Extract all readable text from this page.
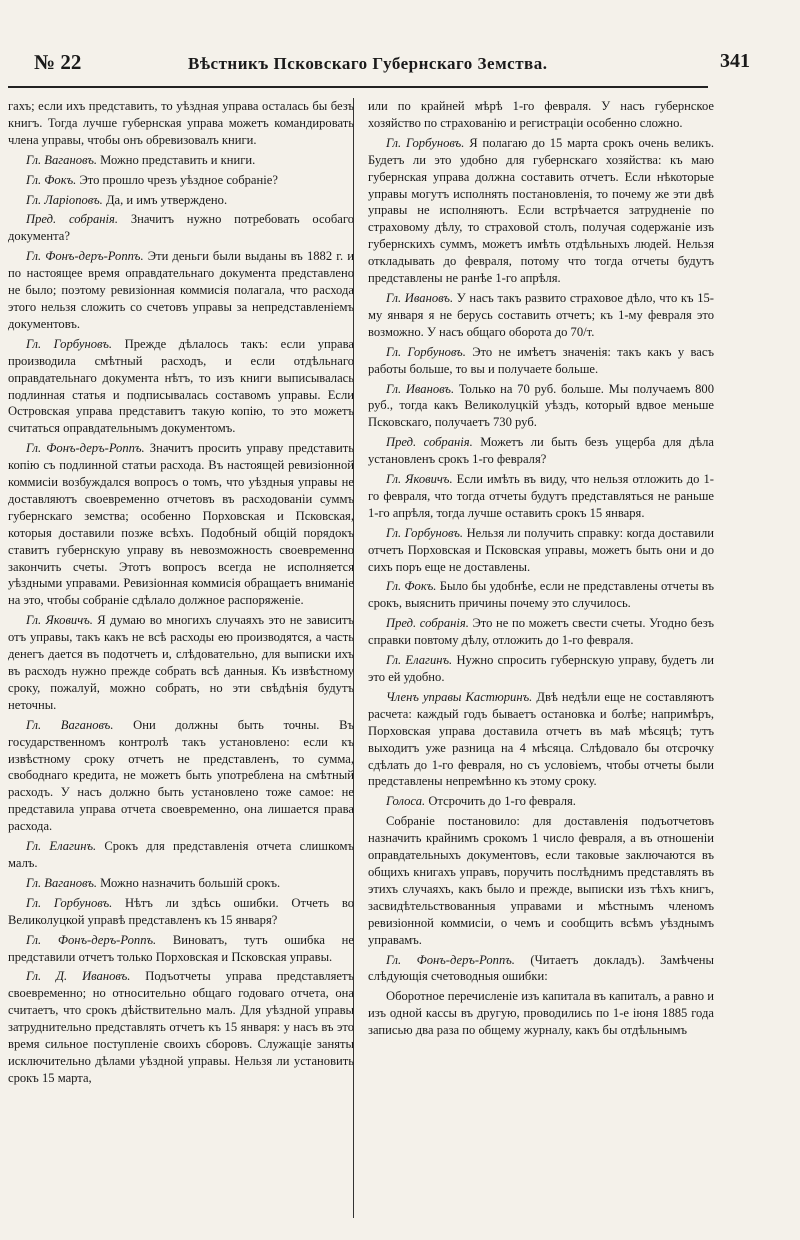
№ 22	Вѣстникъ Псковскаго Губернскаго Земства.	341

гахъ; если ихъ представить, то уѣздная управа осталась бы безъ книгъ. Тогда лучше губернская управа можетъ командировать члена управы, чтобы онъ обревизовалъ книги.

Гл. Вагановъ. Можно представить и книги.

Гл. Фокъ. Это прошло чрезъ уѣздное собранiе?

Гл. Ларiоповъ. Да, и имъ утверждено.

Пред. собранiя. Значитъ нужно потребовать особаго документа?

Гл. Фонъ-деръ-Роппъ. Эти деньги были выданы въ 1882 г. и по настоящее время оправдательнаго документа представлено не было; поэтому ревизiонная коммисiя полагала, что расхода этого нельзя сложить со счетовъ управы за непредставленiемъ документовъ.

Гл. Горбуновъ. Прежде дѣлалось такъ: если управа производила смѣтный расходъ, и если отдѣльнаго оправдательнаго документа нѣтъ, то изъ книги выписывалась подлинная статья и подписывалась составомъ управы. Если Островская управа представитъ такую копiю, то это можетъ считаться оправдательнымъ документомъ.

Гл. Фонъ-деръ-Роппъ. Значитъ просить управу представить копiю съ подлинной статьи расхода. Въ настоящей ревизiонной коммисiи возбуждался вопросъ о томъ, что уѣздныя управы не доставляютъ своевременно отчетовъ въ расходованiи суммъ губернскаго земства; особенно Порховская и Псковская, которыя доставили позже всѣхъ. Подобный общiй порядокъ ставитъ губернскую управу въ невозможность своевременно закончить счеты. Этотъ вопросъ всегда не исполняется уѣздными управами. Ревизiонная коммисiя обращаетъ вниманiе на это, чтобы собранiе сдѣлало должное распоряженiе.

Гл. Яковичъ. Я думаю во многихъ случаяхъ это не зависитъ отъ управы, такъ какъ не всѣ расходы ею производятся, а часть денегъ дается въ подотчетъ и, слѣдовательно, для выписки ихъ въ расходъ нужно прежде собрать всѣ данныя. Къ извѣстному сроку, пожалуй, можно собрать, но эти свѣдѣнiя будутъ неточны.

Гл. Вагановъ. Они должны быть точны. Въ государственномъ контролѣ такъ установлено: если къ извѣстному сроку отчетъ не представленъ, то сумма, свободнаго кредита, не можетъ быть употреблена на смѣтный расходъ. У насъ должно быть установлено тоже самое: не представила управа отчета своевременно, она лишается права расхода.

Гл. Елагинъ. Срокъ для представленiя отчета слишкомъ малъ.

Гл. Вагановъ. Можно назначить большiй срокъ.

Гл. Горбуновъ. Нѣтъ ли здѣсь ошибки. Отчеть во Великолуцкой управѣ представленъ къ 15 января?

Гл. Фонъ-деръ-Роппъ. Виноватъ, тутъ ошибка не представили отчетъ только Порховская и Псковская управы.

Гл. Д. Ивановъ. Подъотчеты управа представляетъ своевременно; но относительно общаго годоваго отчета, она считаетъ, что срокъ дѣйствительно малъ. Для уѣздной управы затруднительно представлять отчетъ къ 15 января: у насъ въ это время сильное поступленiе своихъ сборовъ. Служащiе заняты исключительно дѣлами уѣздной управы. Нельзя ли установить срокъ 15 марта,

или по крайней мѣрѣ 1-го февраля. У насъ губернское хозяйство по страхованiю и регистрацiи особенно сложно.

Гл. Горбуновъ. Я полагаю до 15 марта срокъ очень великъ. Будетъ ли это удобно для губернскаго хозяйства: къ маю губернская управа должна составить отчетъ. Если нѣкоторые управы могутъ исполнять постановленiя, то почему же эти двѣ управы не исполняютъ. Если встрѣчается затрудненiе по страховому дѣлу, то страховой столъ, получая содержанiе изъ губернскихъ суммъ, можетъ имѣть отдѣльныхъ людей. Нельзя откладывать до февраля, потому что тогда отчеты будутъ представлены не ранѣе 1-го апрѣля.

Гл. Ивановъ. У насъ такъ развито страховое дѣло, что къ 15-му января я не берусь составить отчетъ; къ 1-му февраля это возможно. У насъ общаго оборота до 70/т.

Гл. Горбуновъ. Это не имѣетъ значенiя: такъ какъ у васъ работы больше, то вы и получаете больше.

Гл. Ивановъ. Только на 70 руб. больше. Мы получаемъ 800 руб., тогда какъ Великолуцкiй уѣздъ, который вдвое меньше Псковскаго, получаетъ 730 руб.

Пред. собранiя. Можетъ ли быть безъ ущерба для дѣла установленъ срокъ 1-го февраля?

Гл. Яковичъ. Если имѣть въ виду, что нельзя отложить до 1-го февраля, что тогда отчеты будутъ представляться не раньше 1-го апрѣля, тогда лучше оставить срокъ 15 января.

Гл. Горбуновъ. Нельзя ли получить справку: когда доставили отчетъ Порховская и Псковская управы, можетъ быть они и до сихъ поръ еще не доставлены.

Гл. Фокъ. Было бы удобнѣе, если не представлены отчеты въ срокъ, выяснить причины почему это случилось.

Пред. собранiя. Это не по можетъ свести счеты. Угодно безъ справки повтому дѣлу, отложить до 1-го февраля.

Гл. Елагинъ. Нужно спросить губернскую управу, будетъ ли это ей удобно.

Членъ управы Кастюринъ. Двѣ недѣли еще не составляютъ расчета: каждый годъ бываетъ остановка и болѣе; напримѣръ, Порховская управа доставила отчетъ въ маѣ мѣсяцѣ; тутъ выходитъ уже разница на 4 мѣсяца. Слѣдовало бы отсрочку сдѣлать до 1-го февраля, но съ условiемъ, чтобы отчеты были представлены непремѣнно къ этому сроку.

Голоса. Отсрочить до 1-го февраля.

Собранiе постановило: для доставленiя подъотчетовъ назначить крайнимъ сpокомъ 1 число февраля, а въ отношенiи оправдательныхъ документовъ, если таковые заключаются въ общихъ книгахъ управъ, поручить послѣднимъ представлять въ этихъ случаяхъ, какъ было и прежде, выписки изъ тѣхъ книгъ, засвидѣтельствованныя управами и мѣстнымъ членомъ ревизiонной коммисiи, о чемъ и сообщить всѣмъ уѣзднымъ управамъ.

Гл. Фонъ-деръ-Роппъ. (Читаетъ докладъ). Замѣчены слѣдующiя счетоводныя ошибки:

Оборотное перечисленiе изъ капитала въ капиталъ, а равно и изъ одной кассы въ другую, проводились по 1-е iюня 1885 года записью два раза по общему журналу, какъ бы отдѣльнымъ
